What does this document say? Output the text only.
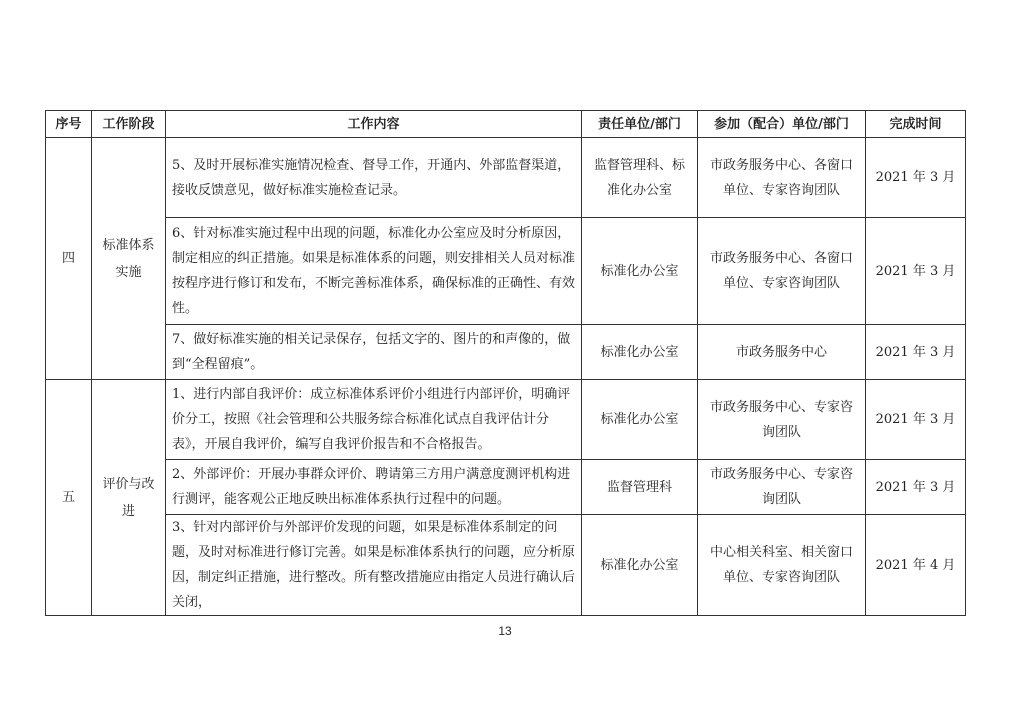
序号	工作阶段	工作内容	责任单位/部门	参加（配合）单位/部门	完成时间
四	标准体系实施	5、及时开展标准实施情况检查、督导工作，开通内、外部监督渠道，接收反馈意见，做好标准实施检查记录。	监督管理科、标准化办公室	市政务服务中心、各窗口单位、专家咨询团队	2021 年 3 月
		6、针对标准实施过程中出现的问题，标准化办公室应及时分析原因，制定相应的纠正措施。如果是标准体系的问题，则安排相关人员对标准按程序进行修订和发布，不断完善标准体系，确保标准的正确性、有效性。	标准化办公室	市政务服务中心、各窗口单位、专家咨询团队	2021 年 3 月
		7、做好标准实施的相关记录保存，包括文字的、图片的和声像的，做到“全程留痕”。	标准化办公室	市政务服务中心	2021 年 3 月
五	评价与改进	1、进行内部自我评价：成立标准体系评价小组进行内部评价，明确评价分工，按照《社会管理和公共服务综合标准化试点自我评估计分表》，开展自我评价，编写自我评价报告和不合格报告。	标准化办公室	市政务服务中心、专家咨询团队	2021 年 3 月
		2、外部评价：开展办事群众评价、聘请第三方用户满意度测评机构进行测评，能客观公正地反映出标准体系执行过程中的问题。	监督管理科	市政务服务中心、专家咨询团队	2021 年 3 月
		3、针对内部评价与外部评价发现的问题，如果是标准体系制定的问题，及时对标准进行修订完善。如果是标准体系执行的问题，应分析原因，制定纠正措施，进行整改。所有整改措施应由指定人员进行确认后关闭，	标准化办公室	中心相关科室、相关窗口单位、专家咨询团队	2021 年 4 月
13
